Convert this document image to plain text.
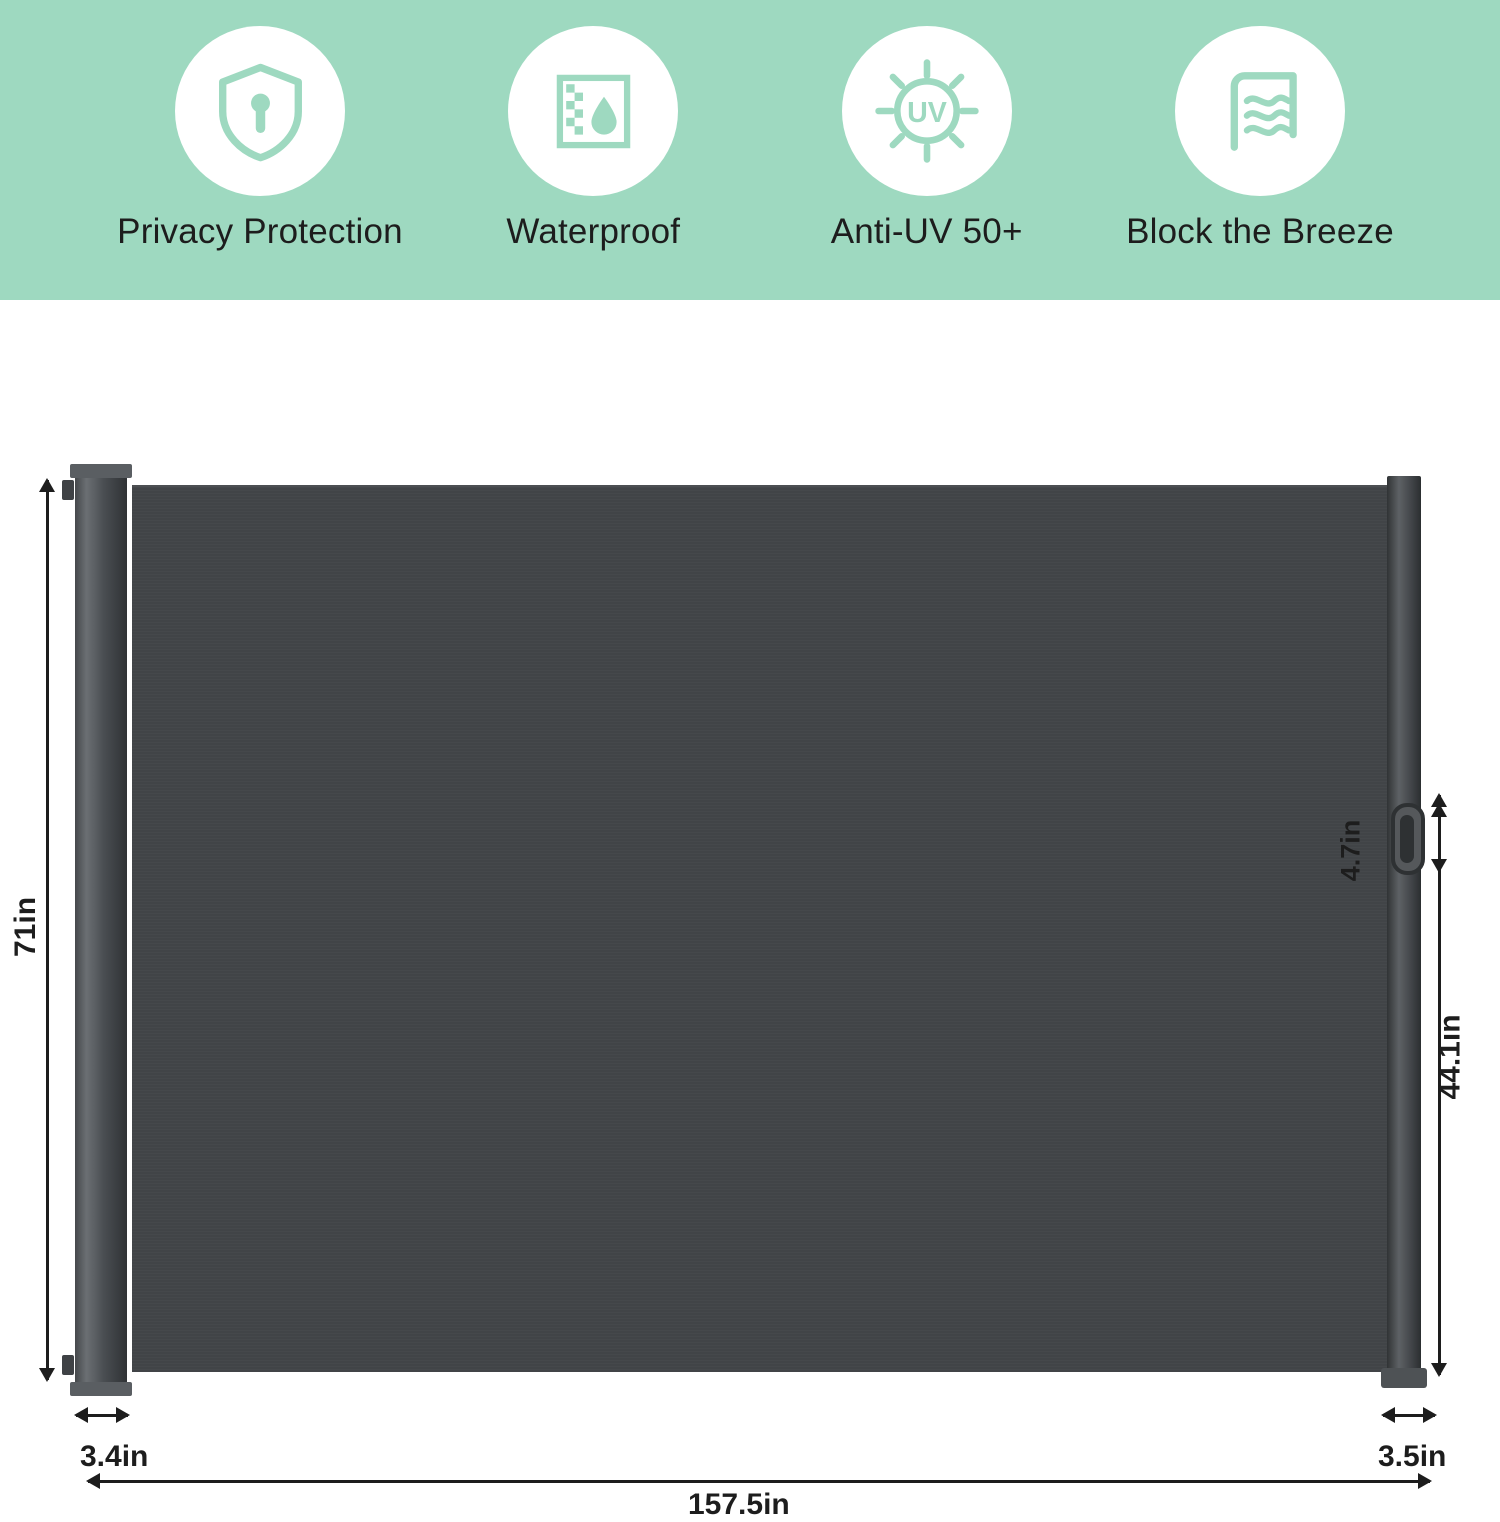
Privacy Protection	Waterproof
UV
Anti-UV 50+	Block the Breeze
71in
3.4in	3.5in
157.5in
4.7in
44.1in
